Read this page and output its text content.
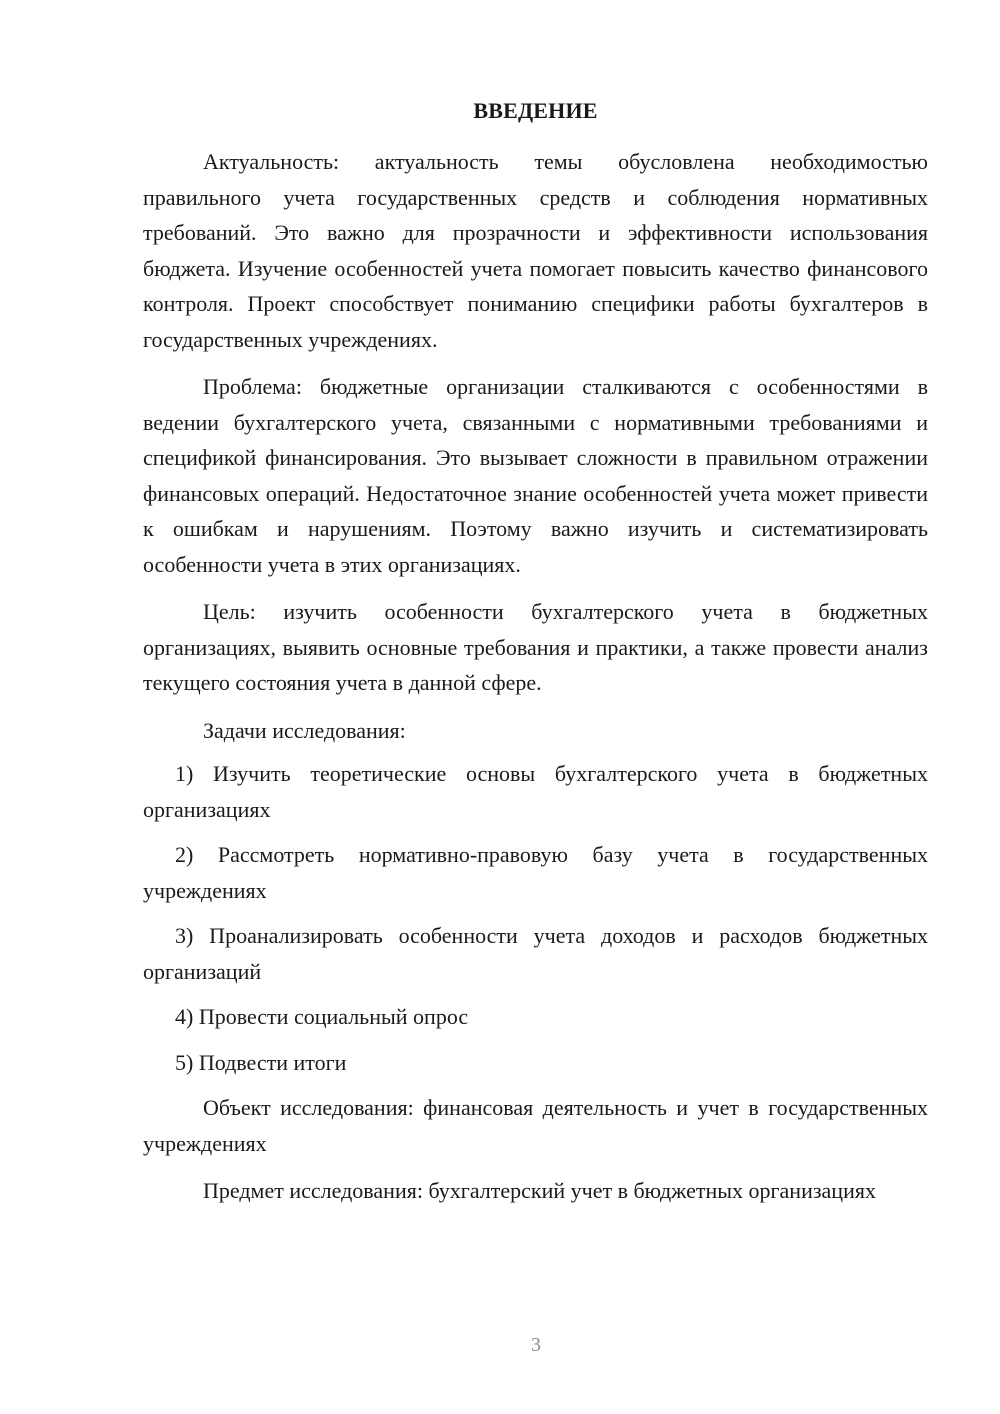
ВВЕДЕНИЕ

Актуальность: актуальность темы обусловлена необходимостью правильного учета государственных средств и соблюдения нормативных требований. Это важно для прозрачности и эффективности использования бюджета. Изучение особенностей учета помогает повысить качество финансового контроля. Проект способствует пониманию специфики работы бухгалтеров в государственных учреждениях.

Проблема: бюджетные организации сталкиваются с особенностями в ведении бухгалтерского учета, связанными с нормативными требованиями и спецификой финансирования. Это вызывает сложности в правильном отражении финансовых операций. Недостаточное знание особенностей учета может привести к ошибкам и нарушениям. Поэтому важно изучить и систематизировать особенности учета в этих организациях.

Цель: изучить особенности бухгалтерского учета в бюджетных организациях, выявить основные требования и практики, а также провести анализ текущего состояния учета в данной сфере.

Задачи исследования:

1) Изучить теоретические основы бухгалтерского учета в бюджетных организациях

2) Рассмотреть нормативно-правовую базу учета в государственных учреждениях

3) Проанализировать особенности учета доходов и расходов бюджетных организаций

4) Провести социальный опрос

5) Подвести итоги

Объект исследования: финансовая деятельность и учет в государственных учреждениях

Предмет исследования: бухгалтерский учет в бюджетных организациях

3
